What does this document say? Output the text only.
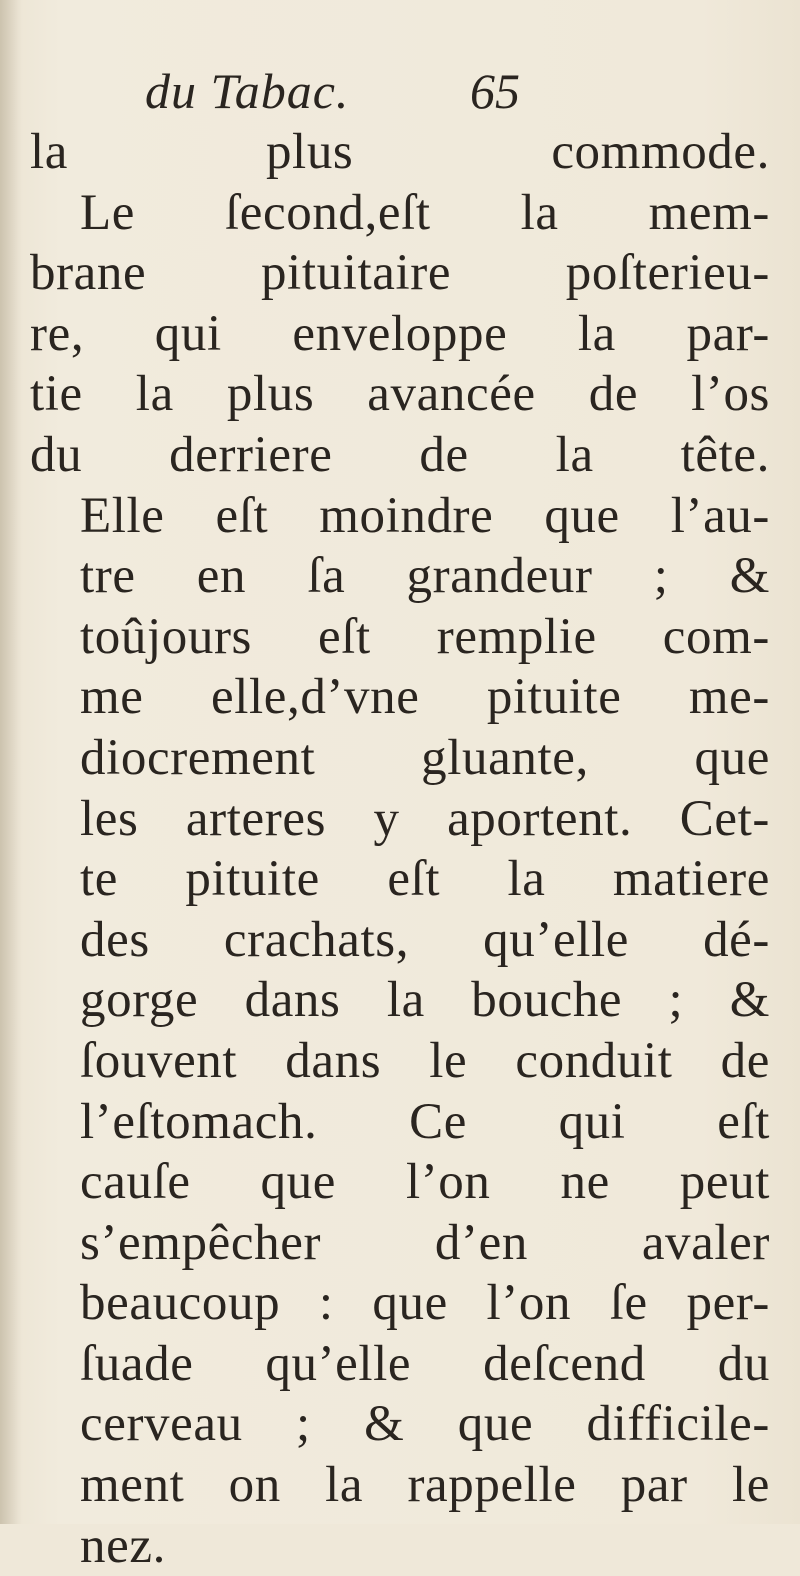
du Tabac. 65
la plus commode.
Le ſecond,eſt la mem-
brane pituitaire poſterieu-
re, qui enveloppe la par-
tie la plus avancée de l’os
du derriere de la tête.
Elle eſt moindre que l’au-
tre en ſa grandeur ; &
toûjours eſt remplie com-
me elle,d’vne pituite me-
diocrement gluante, que
les arteres y aportent. Cet-
te pituite eſt la matiere
des crachats, qu’elle dé-
gorge dans la bouche ; &
ſouvent dans le conduit de
l’eſtomach. Ce qui eſt
cauſe que l’on ne peut
s’empêcher d’en avaler
beaucoup : que l’on ſe per-
ſuade qu’elle deſcend du
cerveau ; & que difficile-
ment on la rappelle par le
nez.
